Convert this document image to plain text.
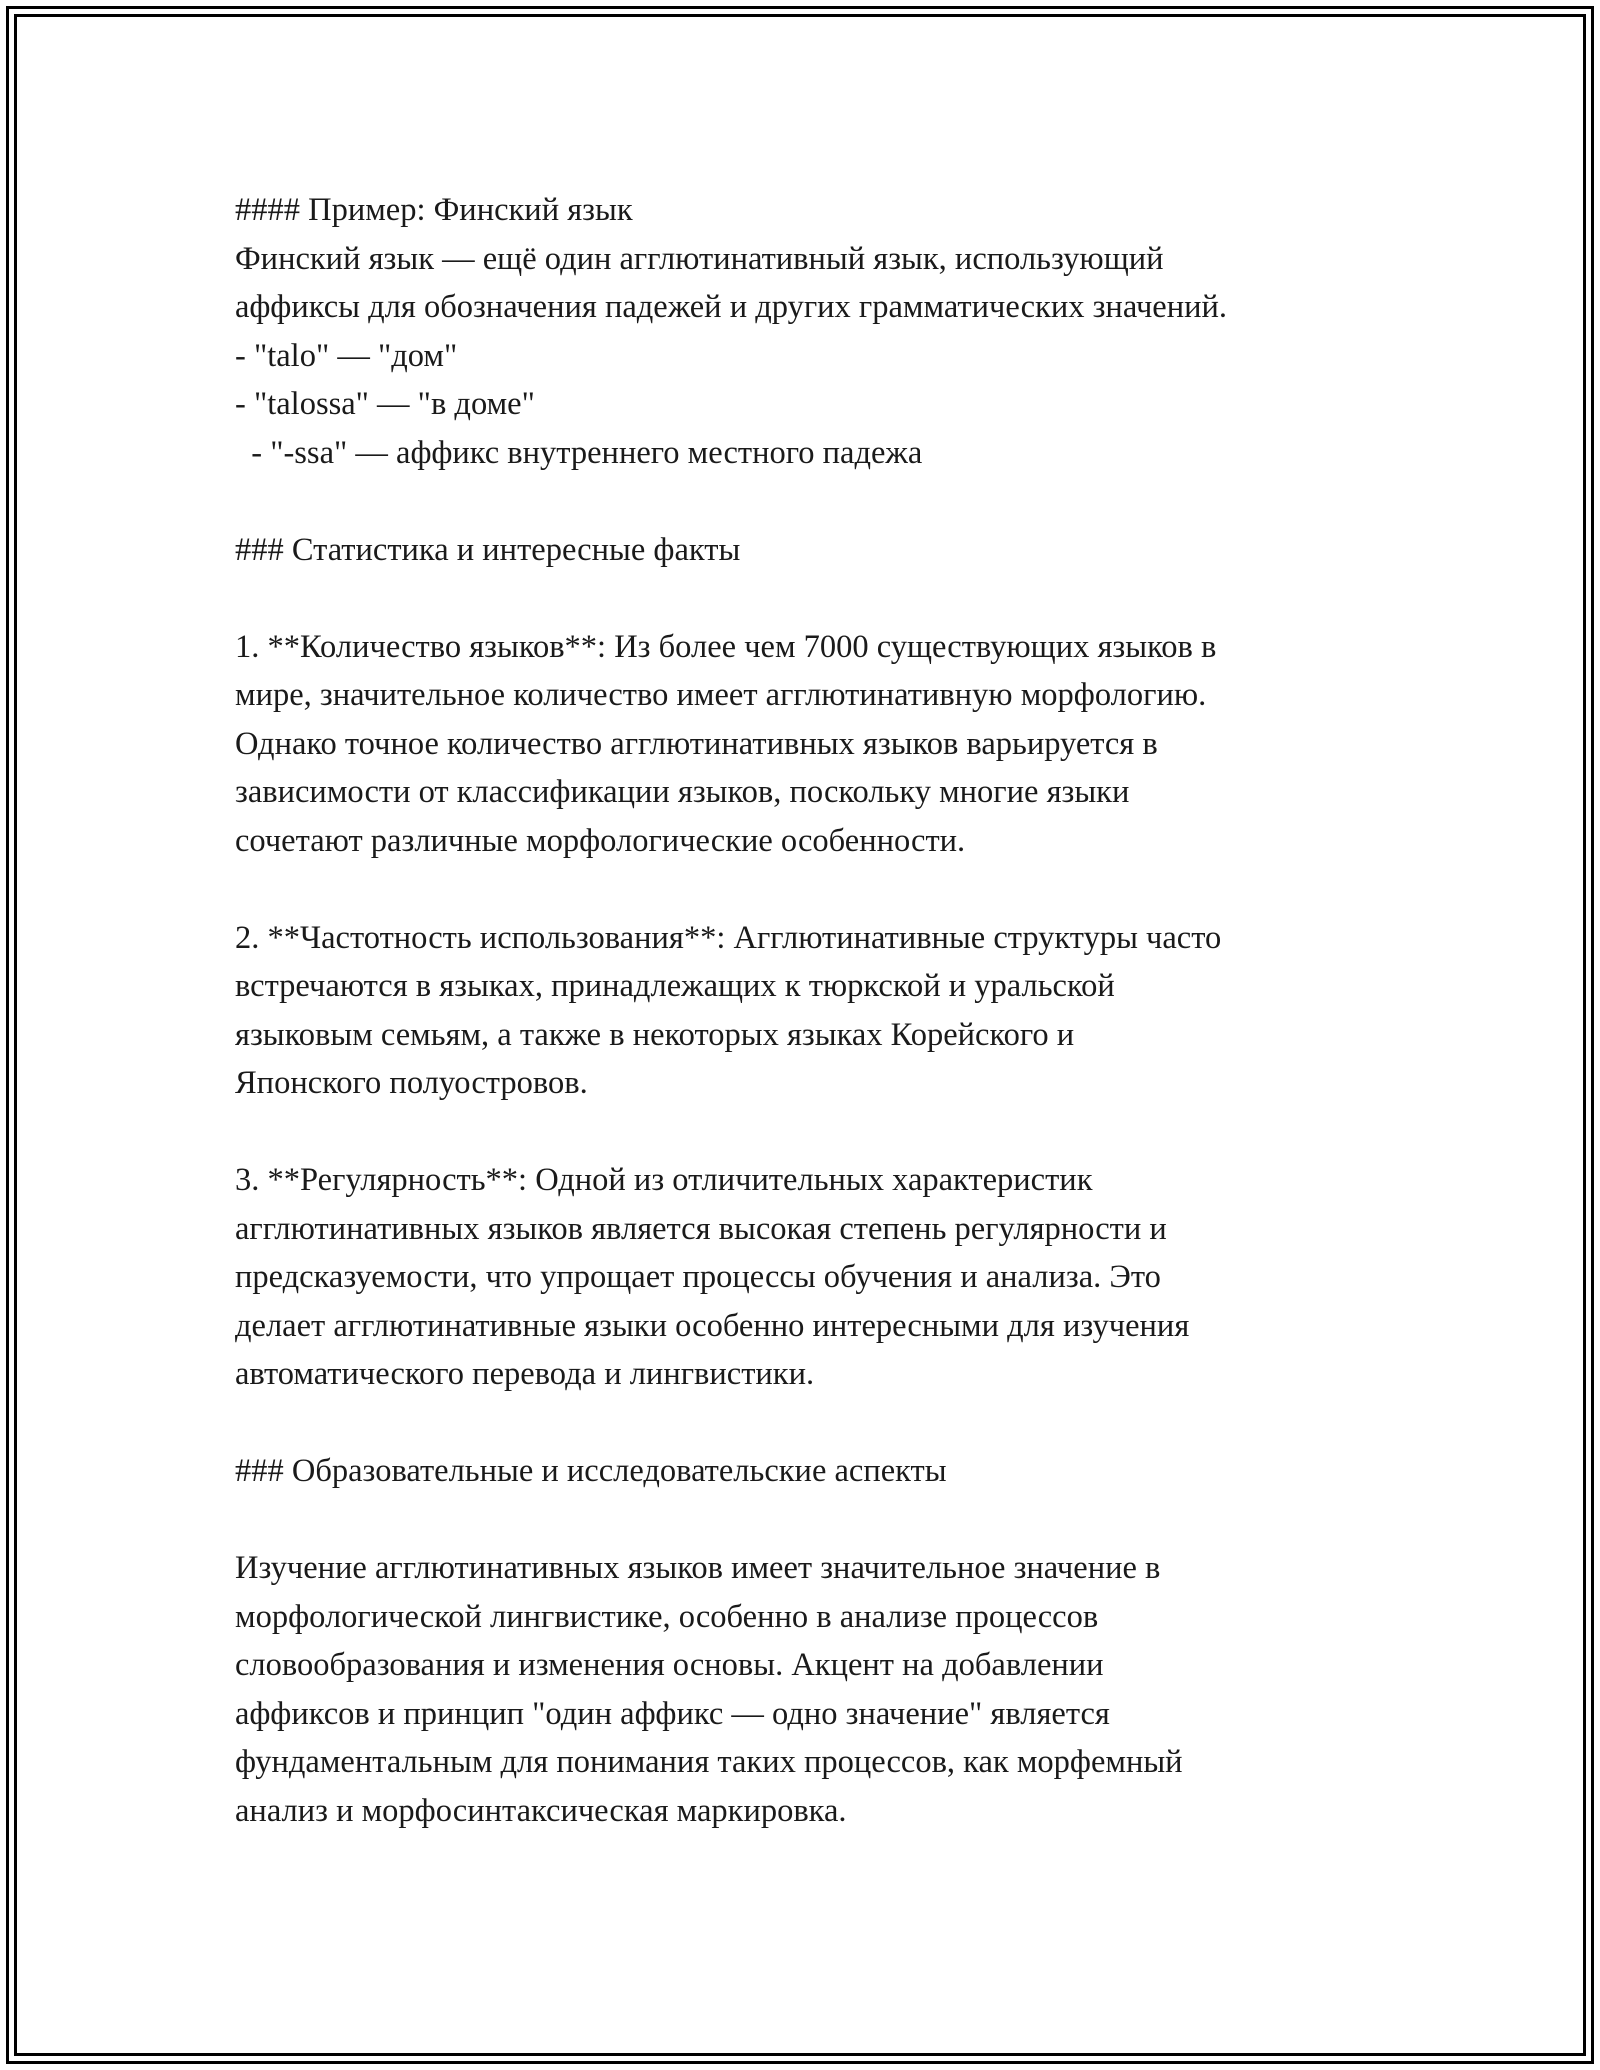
#### Пример: Финский язык
Финский язык — ещё один агглютинативный язык, использующий
аффиксы для обозначения падежей и других грамматических значений.
- "talo" — "дом"
- "talossa" — "в доме"
- "-ssa" — аффикс внутреннего местного падежа
### Статистика и интересные факты
1. **Количество языков**: Из более чем 7000 существующих языков в
мире, значительное количество имеет агглютинативную морфологию.
Однако точное количество агглютинативных языков варьируется в
зависимости от классификации языков, поскольку многие языки
сочетают различные морфологические особенности.
2. **Частотность использования**: Агглютинативные структуры часто
встречаются в языках, принадлежащих к тюркской и уральской
языковым семьям, а также в некоторых языках Корейского и
Японского полуостровов.
3. **Регулярность**: Одной из отличительных характеристик
агглютинативных языков является высокая степень регулярности и
предсказуемости, что упрощает процессы обучения и анализа. Это
делает агглютинативные языки особенно интересными для изучения
автоматического перевода и лингвистики.
### Образовательные и исследовательские аспекты
Изучение агглютинативных языков имеет значительное значение в
морфологической лингвистике, особенно в анализе процессов
словообразования и изменения основы. Акцент на добавлении
аффиксов и принцип "один аффикс — одно значение" является
фундаментальным для понимания таких процессов, как морфемный
анализ и морфосинтаксическая маркировка.
